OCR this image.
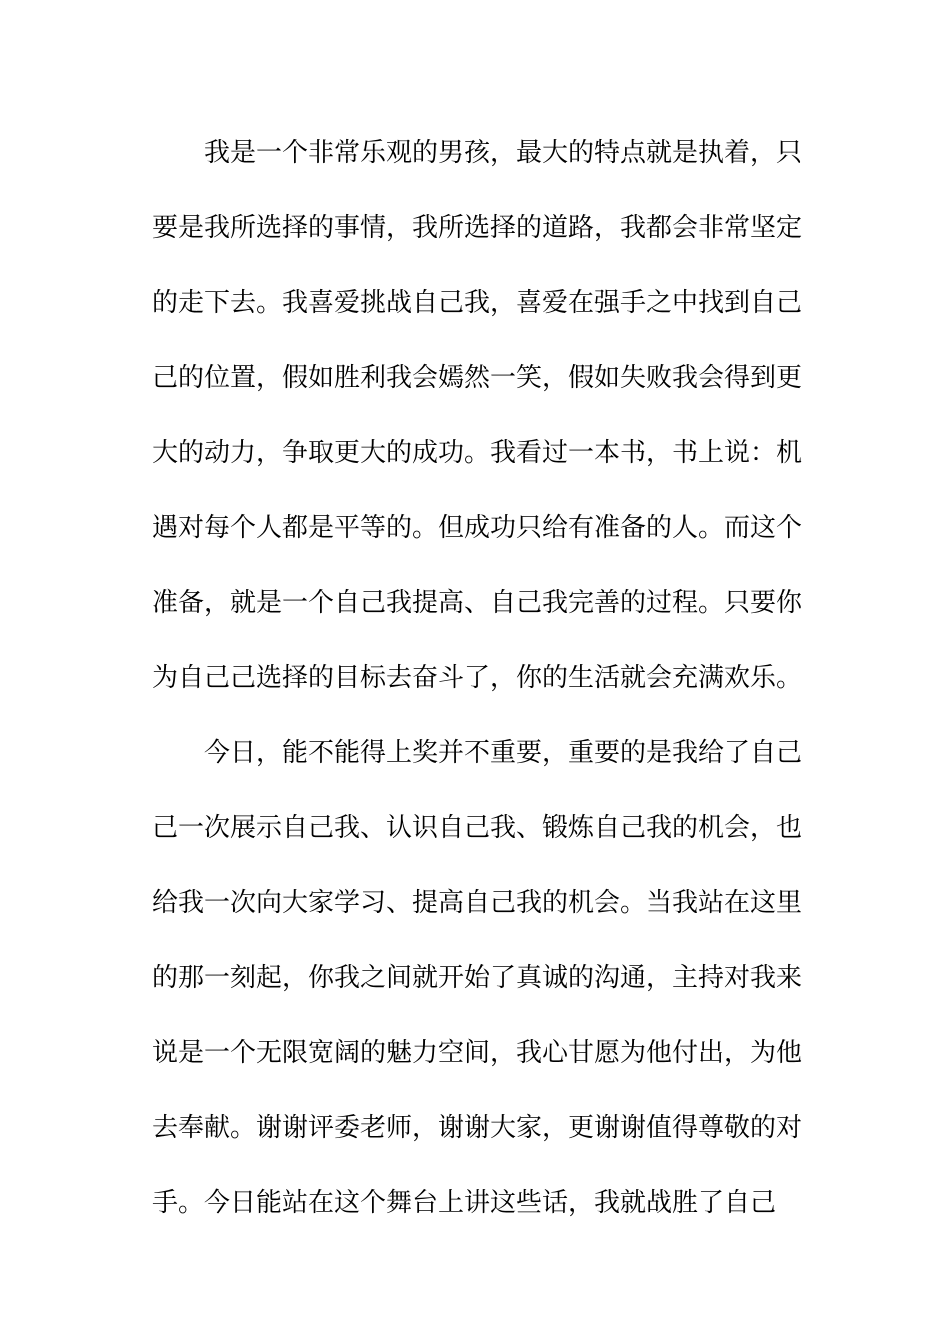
我是一个非常乐观的男孩，最大的特点就是执着，只
要是我所选择的事情，我所选择的道路，我都会非常坚定
的走下去。我喜爱挑战自己我，喜爱在强手之中找到自己
己的位置，假如胜利我会嫣然一笑，假如失败我会得到更
大的动力，争取更大的成功。我看过一本书，书上说：机
遇对每个人都是平等的。但成功只给有准备的人。而这个
准备，就是一个自己我提高、自己我完善的过程。只要你
为自己己选择的目标去奋斗了，你的生活就会充满欢乐。
今日，能不能得上奖并不重要，重要的是我给了自己
己一次展示自己我、认识自己我、锻炼自己我的机会，也
给我一次向大家学习、提高自己我的机会。当我站在这里
的那一刻起，你我之间就开始了真诚的沟通，主持对我来
说是一个无限宽阔的魅力空间，我心甘愿为他付出，为他
去奉献。谢谢评委老师，谢谢大家，更谢谢值得尊敬的对
手。今日能站在这个舞台上讲这些话，我就战胜了自己
